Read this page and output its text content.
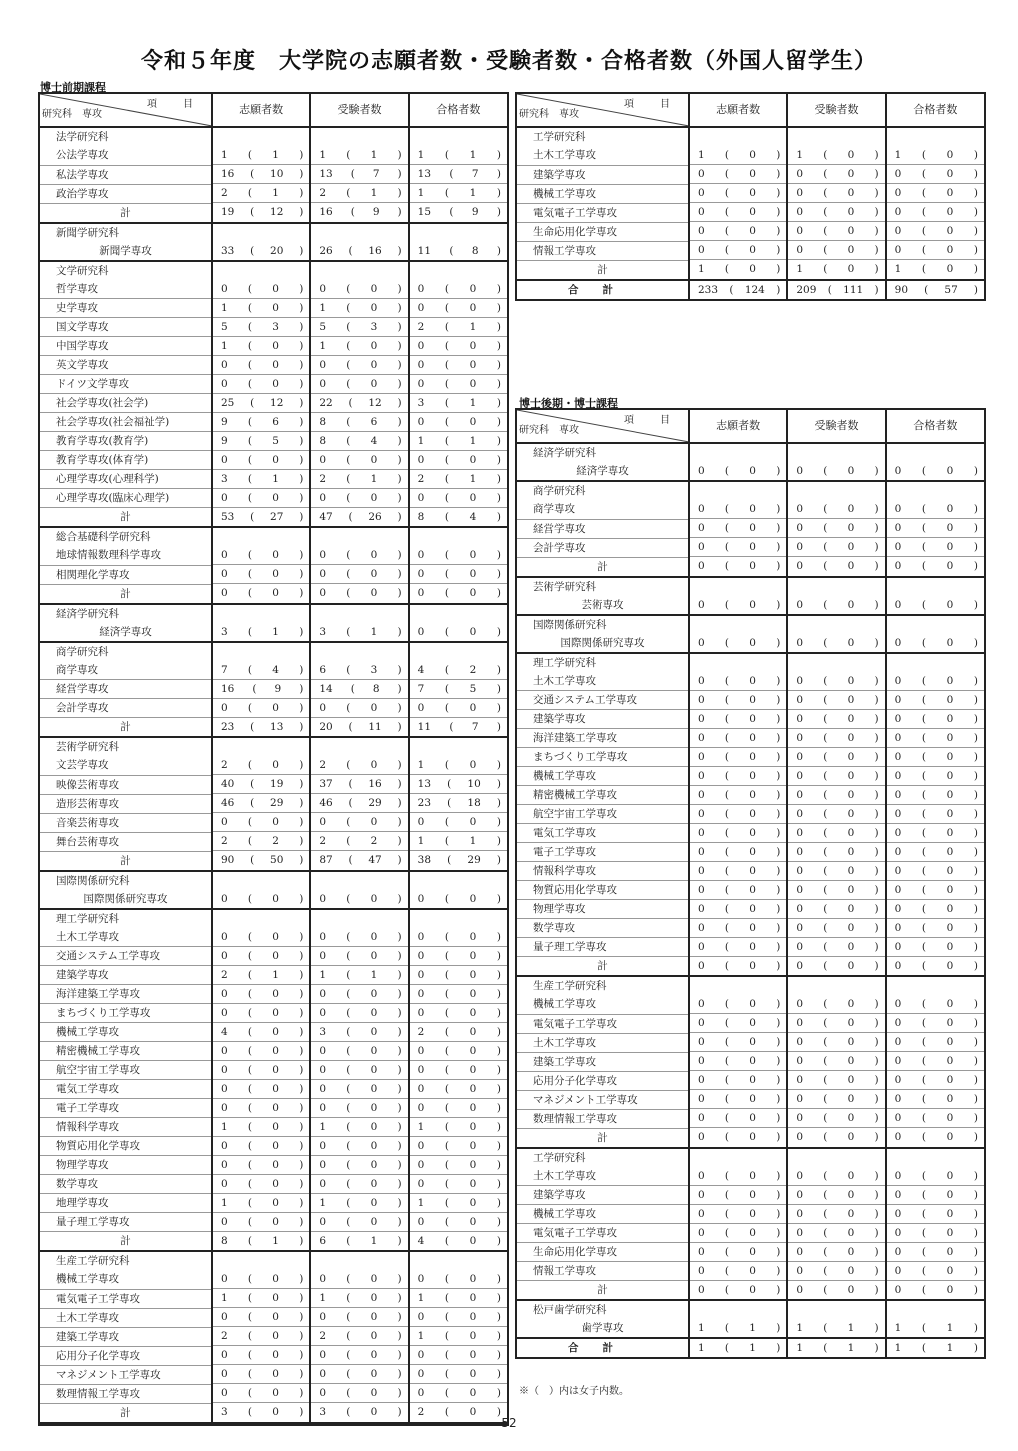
令和５年度　大学院の志願者数・受験者数・合格者数（外国人留学生）
博士前期課程
項　目
研究科　専攻	志願者数	受験者数	合格者数
法学研究科			
公法学専攻	1 ( 1 )	1 ( 1 )	1 ( 1 )

私法学専攻	16 ( 10 )	13 ( 7 )	13 ( 7 )

政治学専攻	2 ( 1 )	2 ( 1 )	1 ( 1 )

計	19 ( 12 )	16 ( 9 )	15 ( 9 )

新聞学研究科			
新聞学専攻	33 ( 20 )	26 ( 16 )	11 ( 8 )

文学研究科			
哲学専攻	0 ( 0 )	0 ( 0 )	0 ( 0 )

史学専攻	1 ( 0 )	1 ( 0 )	0 ( 0 )

国文学専攻	5 ( 3 )	5 ( 3 )	2 ( 1 )

中国学専攻	1 ( 0 )	1 ( 0 )	0 ( 0 )

英文学専攻	0 ( 0 )	0 ( 0 )	0 ( 0 )

ドイツ文学専攻	0 ( 0 )	0 ( 0 )	0 ( 0 )

社会学専攻(社会学)	25 ( 12 )	22 ( 12 )	3 ( 1 )

社会学専攻(社会福祉学)	9 ( 6 )	8 ( 6 )	0 ( 0 )

教育学専攻(教育学)	9 ( 5 )	8 ( 4 )	1 ( 1 )

教育学専攻(体育学)	0 ( 0 )	0 ( 0 )	0 ( 0 )

心理学専攻(心理科学)	3 ( 1 )	2 ( 1 )	2 ( 1 )

心理学専攻(臨床心理学)	0 ( 0 )	0 ( 0 )	0 ( 0 )

計	53 ( 27 )	47 ( 26 )	8 ( 4 )

総合基礎科学研究科			
地球情報数理科学専攻	0 ( 0 )	0 ( 0 )	0 ( 0 )

相関理化学専攻	0 ( 0 )	0 ( 0 )	0 ( 0 )

計	0 ( 0 )	0 ( 0 )	0 ( 0 )

経済学研究科			
経済学専攻	3 ( 1 )	3 ( 1 )	0 ( 0 )

商学研究科			
商学専攻	7 ( 4 )	6 ( 3 )	4 ( 2 )

経営学専攻	16 ( 9 )	14 ( 8 )	7 ( 5 )

会計学専攻	0 ( 0 )	0 ( 0 )	0 ( 0 )

計	23 ( 13 )	20 ( 11 )	11 ( 7 )

芸術学研究科			
文芸学専攻	2 ( 0 )	2 ( 0 )	1 ( 0 )

映像芸術専攻	40 ( 19 )	37 ( 16 )	13 ( 10 )

造形芸術専攻	46 ( 29 )	46 ( 29 )	23 ( 18 )

音楽芸術専攻	0 ( 0 )	0 ( 0 )	0 ( 0 )

舞台芸術専攻	2 ( 2 )	2 ( 2 )	1 ( 1 )

計	90 ( 50 )	87 ( 47 )	38 ( 29 )

国際関係研究科			
国際関係研究専攻	0 ( 0 )	0 ( 0 )	0 ( 0 )

理工学研究科			
土木工学専攻	0 ( 0 )	0 ( 0 )	0 ( 0 )

交通システム工学専攻	0 ( 0 )	0 ( 0 )	0 ( 0 )

建築学専攻	2 ( 1 )	1 ( 1 )	0 ( 0 )

海洋建築工学専攻	0 ( 0 )	0 ( 0 )	0 ( 0 )

まちづくり工学専攻	0 ( 0 )	0 ( 0 )	0 ( 0 )

機械工学専攻	4 ( 0 )	3 ( 0 )	2 ( 0 )

精密機械工学専攻	0 ( 0 )	0 ( 0 )	0 ( 0 )

航空宇宙工学専攻	0 ( 0 )	0 ( 0 )	0 ( 0 )

電気工学専攻	0 ( 0 )	0 ( 0 )	0 ( 0 )

電子工学専攻	0 ( 0 )	0 ( 0 )	0 ( 0 )

情報科学専攻	1 ( 0 )	1 ( 0 )	1 ( 0 )

物質応用化学専攻	0 ( 0 )	0 ( 0 )	0 ( 0 )

物理学専攻	0 ( 0 )	0 ( 0 )	0 ( 0 )

数学専攻	0 ( 0 )	0 ( 0 )	0 ( 0 )

地理学専攻	1 ( 0 )	1 ( 0 )	1 ( 0 )

量子理工学専攻	0 ( 0 )	0 ( 0 )	0 ( 0 )

計	8 ( 1 )	6 ( 1 )	4 ( 0 )

生産工学研究科			
機械工学専攻	0 ( 0 )	0 ( 0 )	0 ( 0 )

電気電子工学専攻	1 ( 0 )	1 ( 0 )	1 ( 0 )

土木工学専攻	0 ( 0 )	0 ( 0 )	0 ( 0 )

建築工学専攻	2 ( 0 )	2 ( 0 )	1 ( 0 )

応用分子化学専攻	0 ( 0 )	0 ( 0 )	0 ( 0 )

マネジメント工学専攻	0 ( 0 )	0 ( 0 )	0 ( 0 )

数理情報工学専攻	0 ( 0 )	0 ( 0 )	0 ( 0 )

計	3 ( 0 )	3 ( 0 )	2 ( 0 )
項　目
研究科　専攻	志願者数	受験者数	合格者数
工学研究科			
土木工学専攻	1 ( 0 )	1 ( 0 )	1 ( 0 )

建築学専攻	0 ( 0 )	0 ( 0 )	0 ( 0 )

機械工学専攻	0 ( 0 )	0 ( 0 )	0 ( 0 )

電気電子工学専攻	0 ( 0 )	0 ( 0 )	0 ( 0 )

生命応用化学専攻	0 ( 0 )	0 ( 0 )	0 ( 0 )

情報工学専攻	0 ( 0 )	0 ( 0 )	0 ( 0 )

計	1 ( 0 )	1 ( 0 )	1 ( 0 )

合計	233 ( 124 )	209 ( 111 )	90 ( 57 )
博士後期・博士課程
項　目
研究科　専攻	志願者数	受験者数	合格者数
経済学研究科			
経済学専攻	0 ( 0 )	0 ( 0 )	0 ( 0 )

商学研究科			
商学専攻	0 ( 0 )	0 ( 0 )	0 ( 0 )

経営学専攻	0 ( 0 )	0 ( 0 )	0 ( 0 )

会計学専攻	0 ( 0 )	0 ( 0 )	0 ( 0 )

計	0 ( 0 )	0 ( 0 )	0 ( 0 )

芸術学研究科			
芸術専攻	0 ( 0 )	0 ( 0 )	0 ( 0 )

国際関係研究科			
国際関係研究専攻	0 ( 0 )	0 ( 0 )	0 ( 0 )

理工学研究科			
土木工学専攻	0 ( 0 )	0 ( 0 )	0 ( 0 )

交通システム工学専攻	0 ( 0 )	0 ( 0 )	0 ( 0 )

建築学専攻	0 ( 0 )	0 ( 0 )	0 ( 0 )

海洋建築工学専攻	0 ( 0 )	0 ( 0 )	0 ( 0 )

まちづくり工学専攻	0 ( 0 )	0 ( 0 )	0 ( 0 )

機械工学専攻	0 ( 0 )	0 ( 0 )	0 ( 0 )

精密機械工学専攻	0 ( 0 )	0 ( 0 )	0 ( 0 )

航空宇宙工学専攻	0 ( 0 )	0 ( 0 )	0 ( 0 )

電気工学専攻	0 ( 0 )	0 ( 0 )	0 ( 0 )

電子工学専攻	0 ( 0 )	0 ( 0 )	0 ( 0 )

情報科学専攻	0 ( 0 )	0 ( 0 )	0 ( 0 )

物質応用化学専攻	0 ( 0 )	0 ( 0 )	0 ( 0 )

物理学専攻	0 ( 0 )	0 ( 0 )	0 ( 0 )

数学専攻	0 ( 0 )	0 ( 0 )	0 ( 0 )

量子理工学専攻	0 ( 0 )	0 ( 0 )	0 ( 0 )

計	0 ( 0 )	0 ( 0 )	0 ( 0 )

生産工学研究科			
機械工学専攻	0 ( 0 )	0 ( 0 )	0 ( 0 )

電気電子工学専攻	0 ( 0 )	0 ( 0 )	0 ( 0 )

土木工学専攻	0 ( 0 )	0 ( 0 )	0 ( 0 )

建築工学専攻	0 ( 0 )	0 ( 0 )	0 ( 0 )

応用分子化学専攻	0 ( 0 )	0 ( 0 )	0 ( 0 )

マネジメント工学専攻	0 ( 0 )	0 ( 0 )	0 ( 0 )

数理情報工学専攻	0 ( 0 )	0 ( 0 )	0 ( 0 )

計	0 ( 0 )	0 ( 0 )	0 ( 0 )

工学研究科			
土木工学専攻	0 ( 0 )	0 ( 0 )	0 ( 0 )

建築学専攻	0 ( 0 )	0 ( 0 )	0 ( 0 )

機械工学専攻	0 ( 0 )	0 ( 0 )	0 ( 0 )

電気電子工学専攻	0 ( 0 )	0 ( 0 )	0 ( 0 )

生命応用化学専攻	0 ( 0 )	0 ( 0 )	0 ( 0 )

情報工学専攻	0 ( 0 )	0 ( 0 )	0 ( 0 )

計	0 ( 0 )	0 ( 0 )	0 ( 0 )

松戸歯学研究科			
歯学専攻	1 ( 1 )	1 ( 1 )	1 ( 1 )

合計	1 ( 1 )	1 ( 1 )	1 ( 1 )
※（　）内は女子内数。
52
